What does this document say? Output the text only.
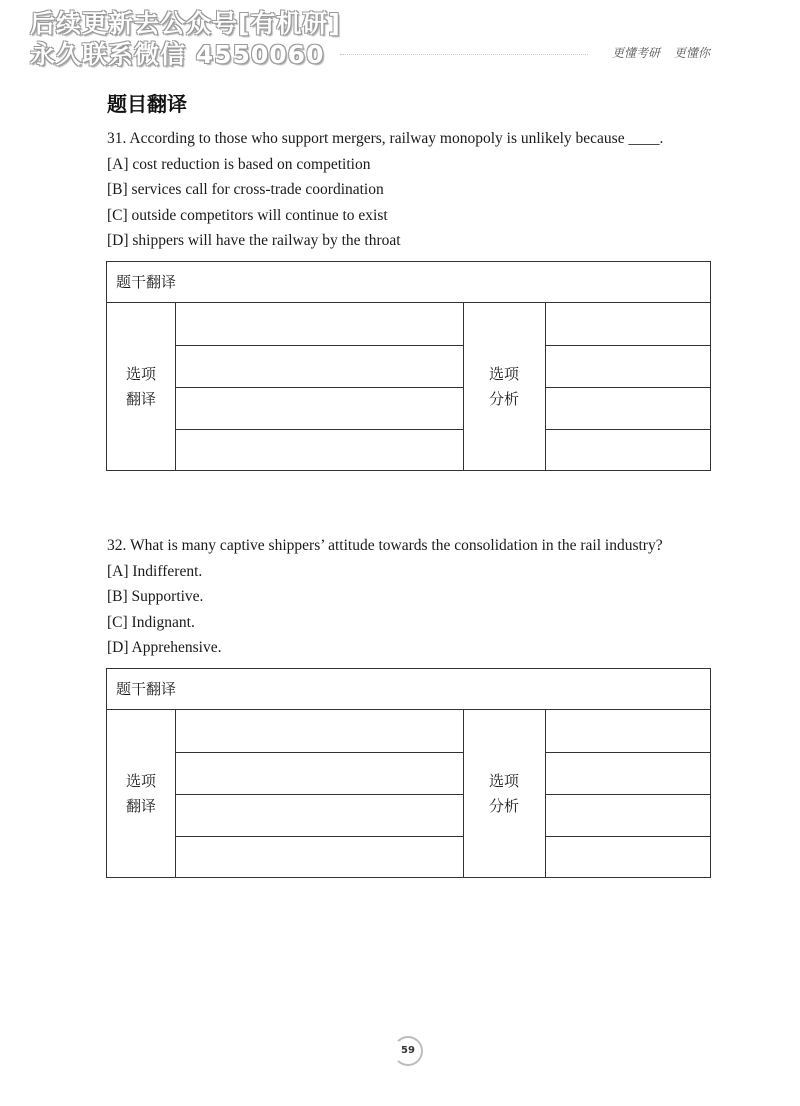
后续更新去公众号[有机研]
永久联系微信 4550060	更懂考研 更懂你
题目翻译
31. According to those who support mergers, railway monopoly is unlikely because ____.
[A] cost reduction is based on competition
[B] services call for cross-trade coordination
[C] outside competitors will continue to exist
[D] shippers will have the railway by the throat
题干翻译
选项
翻译
选项
分析
32. What is many captive shippers’ attitude towards the consolidation in the rail industry?
[A] Indifferent.
[B] Supportive.
[C] Indignant.
[D] Apprehensive.
题干翻译
选项
翻译
选项
分析
59
